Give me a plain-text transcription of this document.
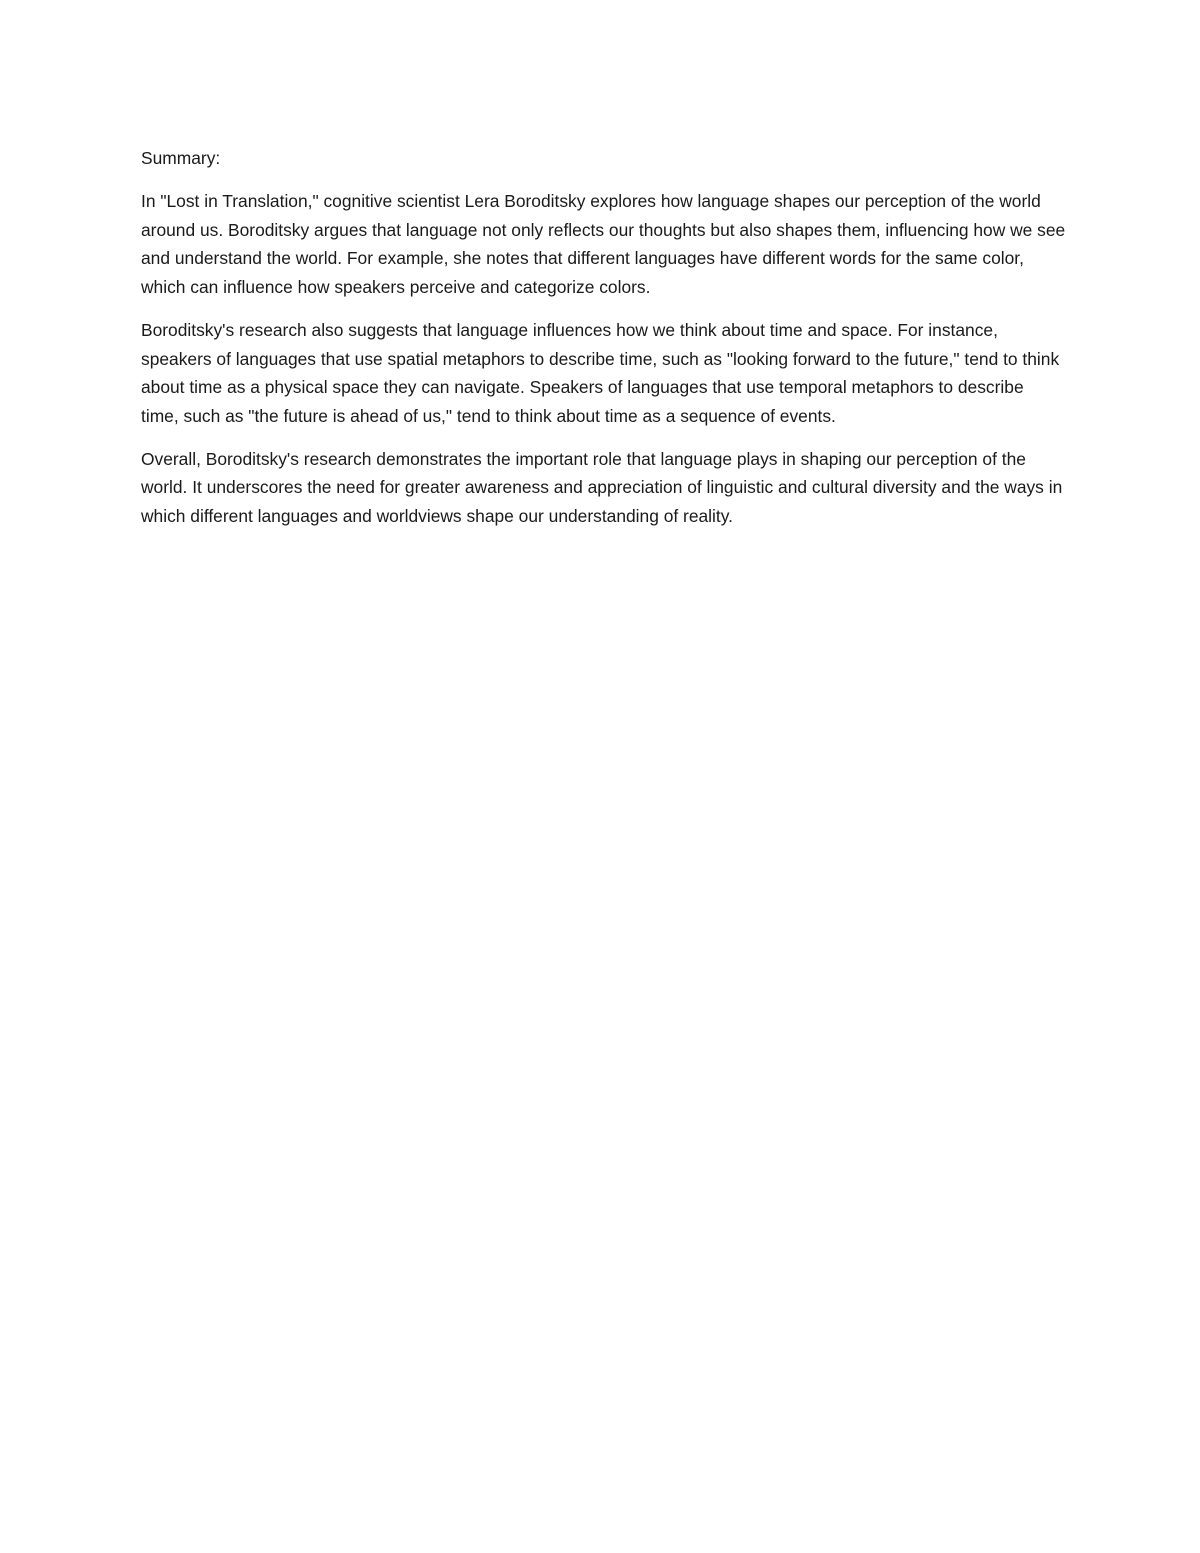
Summary:

In "Lost in Translation," cognitive scientist Lera Boroditsky explores how language shapes our perception of the world around us. Boroditsky argues that language not only reflects our thoughts but also shapes them, influencing how we see and understand the world. For example, she notes that different languages have different words for the same color, which can influence how speakers perceive and categorize colors.

Boroditsky's research also suggests that language influences how we think about time and space. For instance, speakers of languages that use spatial metaphors to describe time, such as "looking forward to the future," tend to think about time as a physical space they can navigate. Speakers of languages that use temporal metaphors to describe time, such as "the future is ahead of us," tend to think about time as a sequence of events.

Overall, Boroditsky's research demonstrates the important role that language plays in shaping our perception of the world. It underscores the need for greater awareness and appreciation of linguistic and cultural diversity and the ways in which different languages and worldviews shape our understanding of reality.
